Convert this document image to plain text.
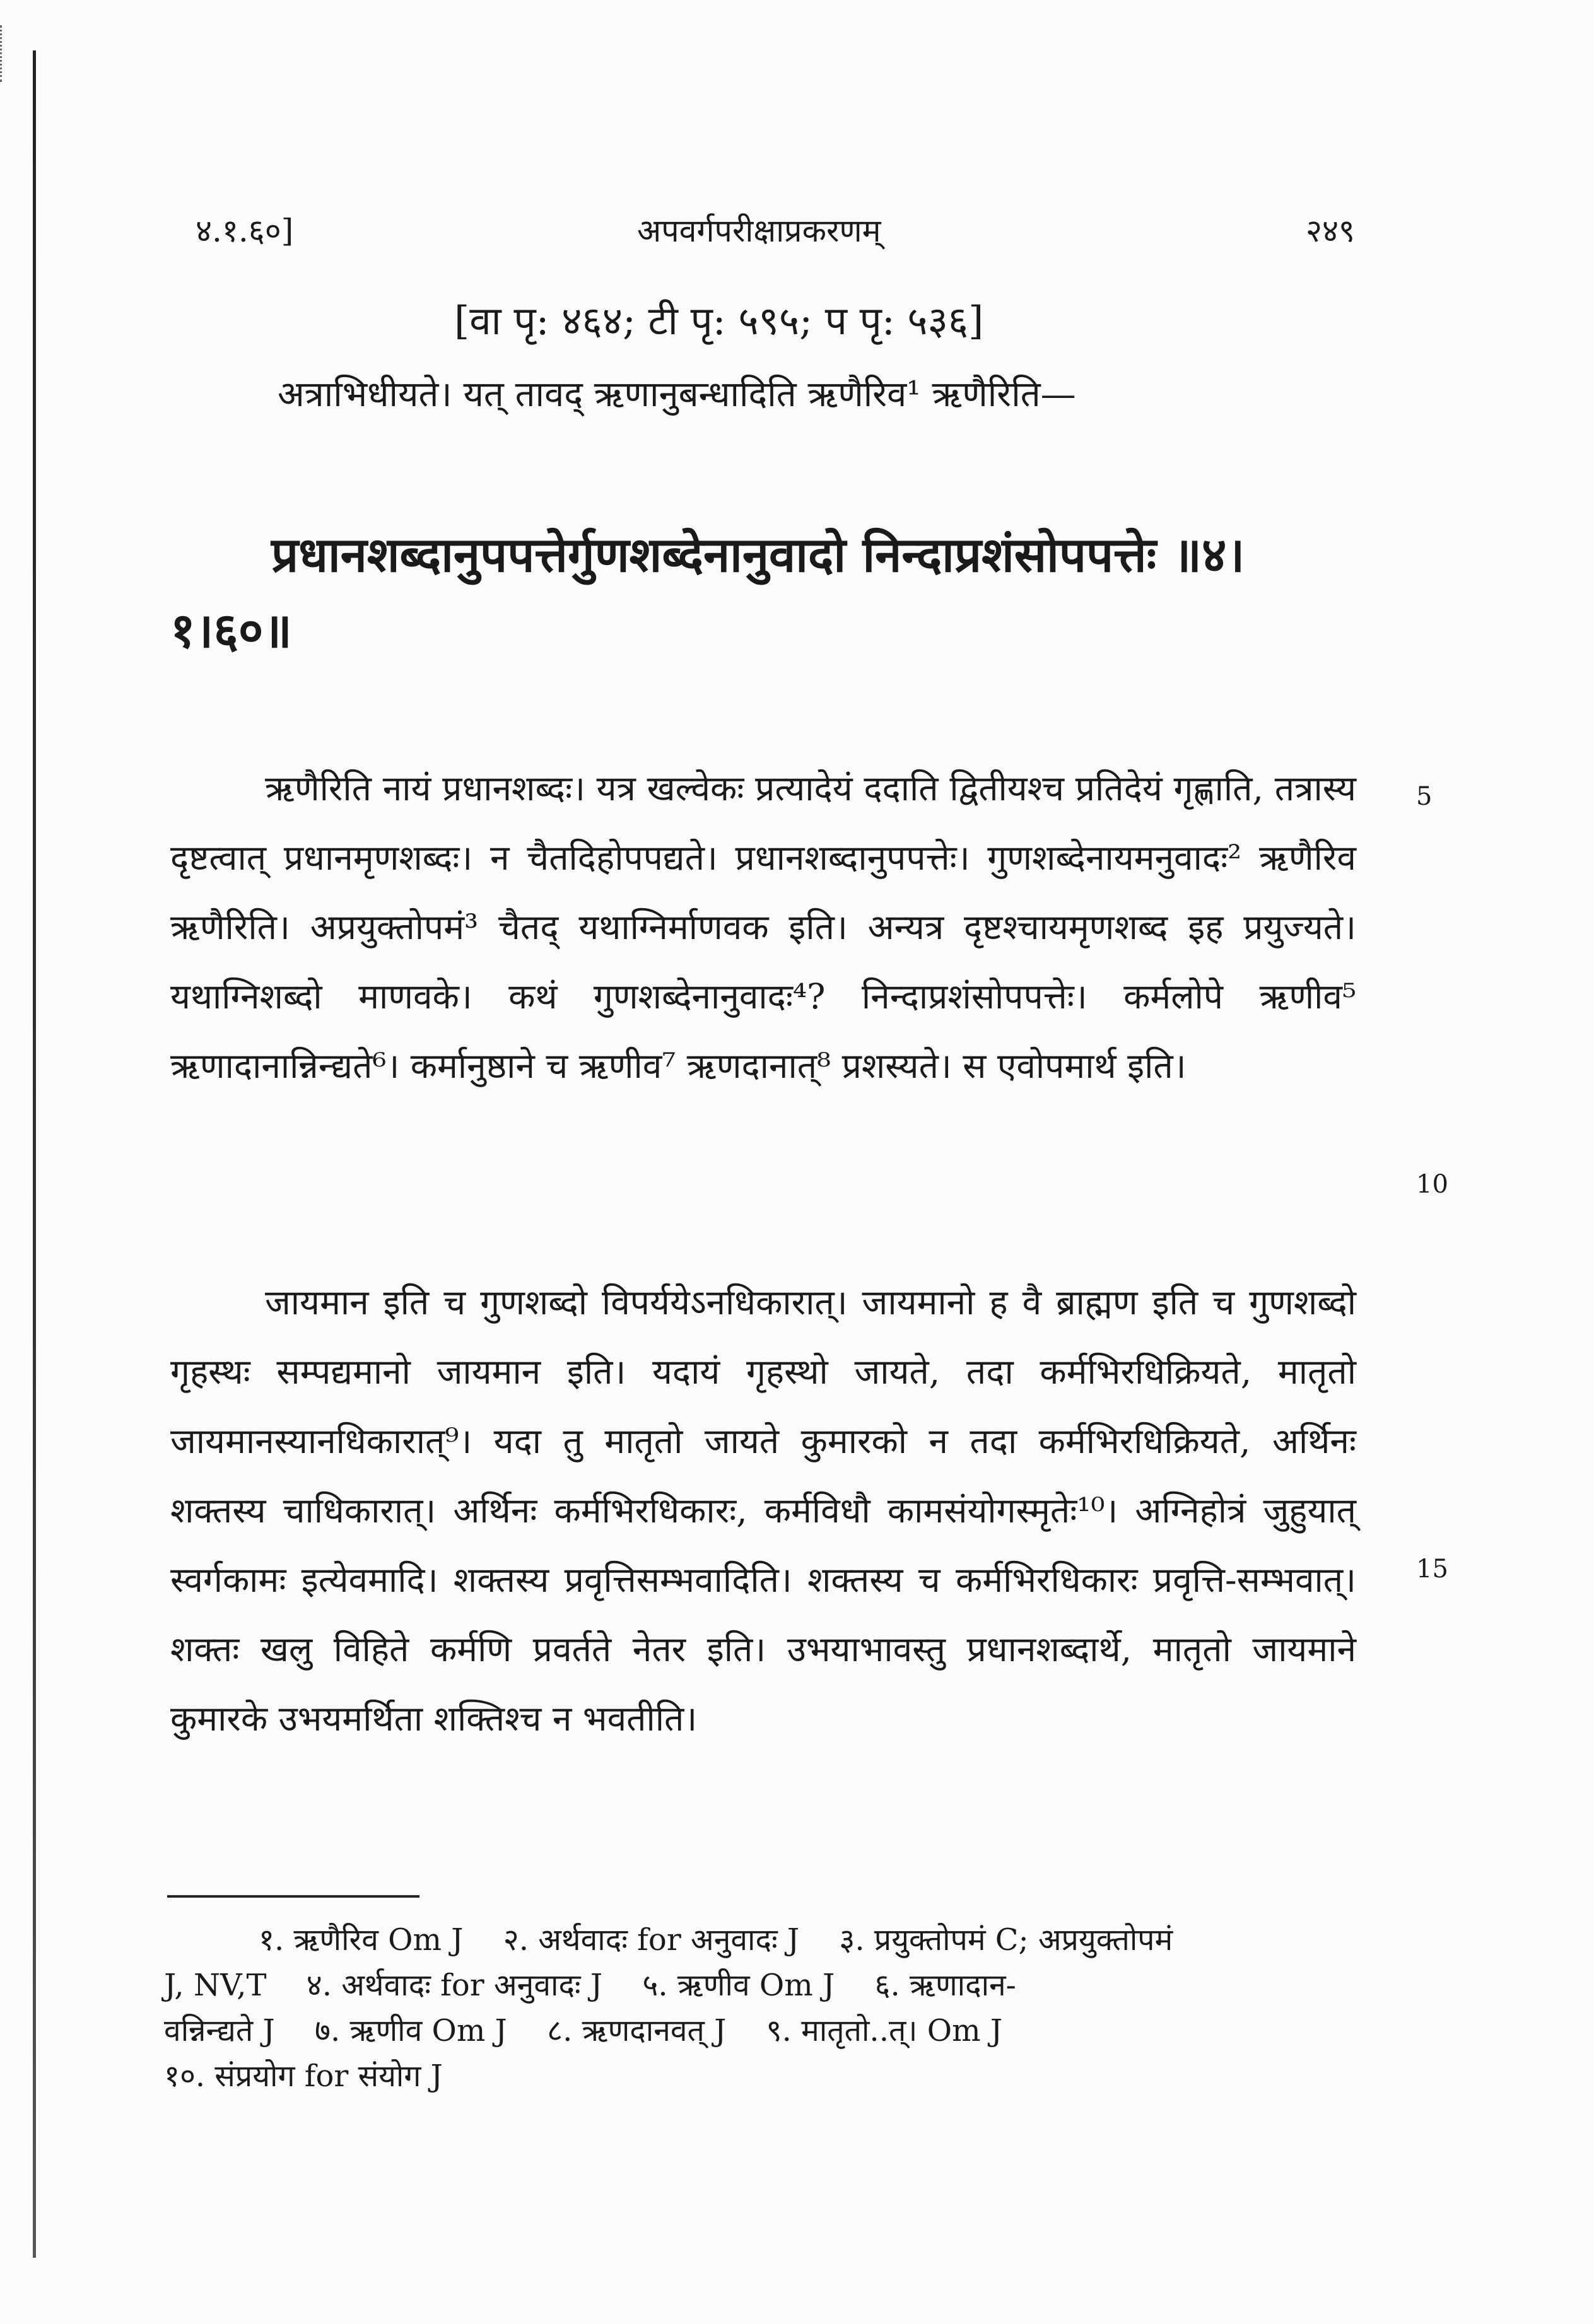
४.१.६०]	अपवर्गपरीक्षाप्रकरणम्	२४९
[वा पृ: ४६४; टी पृ: ५९५; प पृ: ५३६]
अत्राभिधीयते। यत् तावद् ऋणानुबन्धादिति ऋणैरिव¹ ऋणैरिति—
प्रधानशब्दानुपपत्तेर्गुणशब्देनानुवादो निन्दाप्रशंसोपपत्तेः ॥४।
१।६०॥
ऋणैरिति नायं प्रधानशब्दः। यत्र खल्वेकः प्रत्यादेयं ददाति द्वितीयश्च प्रतिदेयं गृह्णाति, तत्रास्य दृष्टत्वात् प्रधानमृणशब्दः। न चैतदिहोपपद्यते। प्रधानशब्दानुपपत्तेः। गुणशब्देनायमनुवादः² ऋणैरिव ऋणैरिति। अप्रयुक्तोपमं³ चैतद् यथाग्निर्माणवक इति। अन्यत्र दृष्टश्चायमृणशब्द इह प्रयुज्यते। यथाग्निशब्दो माणवके। कथं गुणशब्देनानुवादः⁴? निन्दाप्रशंसोपपत्तेः। कर्मलोपे ऋणीव⁵ ऋणादानान्निन्द्यते⁶। कर्मानुष्ठाने च ऋणीव⁷ ऋणदानात्⁸ प्रशस्यते। स एवोपमार्थ इति।
जायमान इति च गुणशब्दो विपर्ययेऽनधिकारात्। जायमानो ह वै ब्राह्मण इति च गुणशब्दो गृहस्थः सम्पद्यमानो जायमान इति। यदायं गृहस्थो जायते, तदा कर्मभिरधिक्रियते, मातृतो जायमानस्यानधिकारात्⁹। यदा तु मातृतो जायते कुमारको न तदा कर्मभिरधिक्रियते, अर्थिनः शक्तस्य चाधिकारात्। अर्थिनः कर्मभिरधिकारः, कर्मविधौ कामसंयोगस्मृतेः¹⁰। अग्निहोत्रं जुहुयात् स्वर्गकामः इत्येवमादि। शक्तस्य प्रवृत्तिसम्भवादिति। शक्तस्य च कर्मभिरधिकारः प्रवृत्ति-सम्भवात्। शक्तः खलु विहिते कर्मणि प्रवर्तते नेतर इति। उभयाभावस्तु प्रधानशब्दार्थे, मातृतो जायमाने कुमारके उभयमर्थिता शक्तिश्च न भवतीति।
5
10
15
१. ऋणैरिव Om J २. अर्थवादः for अनुवादः J ३. प्रयुक्तोपमं C; अप्रयुक्तोपमं
J, NV,T ४. अर्थवादः for अनुवादः J ५. ऋणीव Om J ६. ऋणादान-
वन्निन्द्यते J ७. ऋणीव Om J ८. ऋणदानवत् J ९. मातृतो..त्। Om J
१०. संप्रयोग for संयोग J
